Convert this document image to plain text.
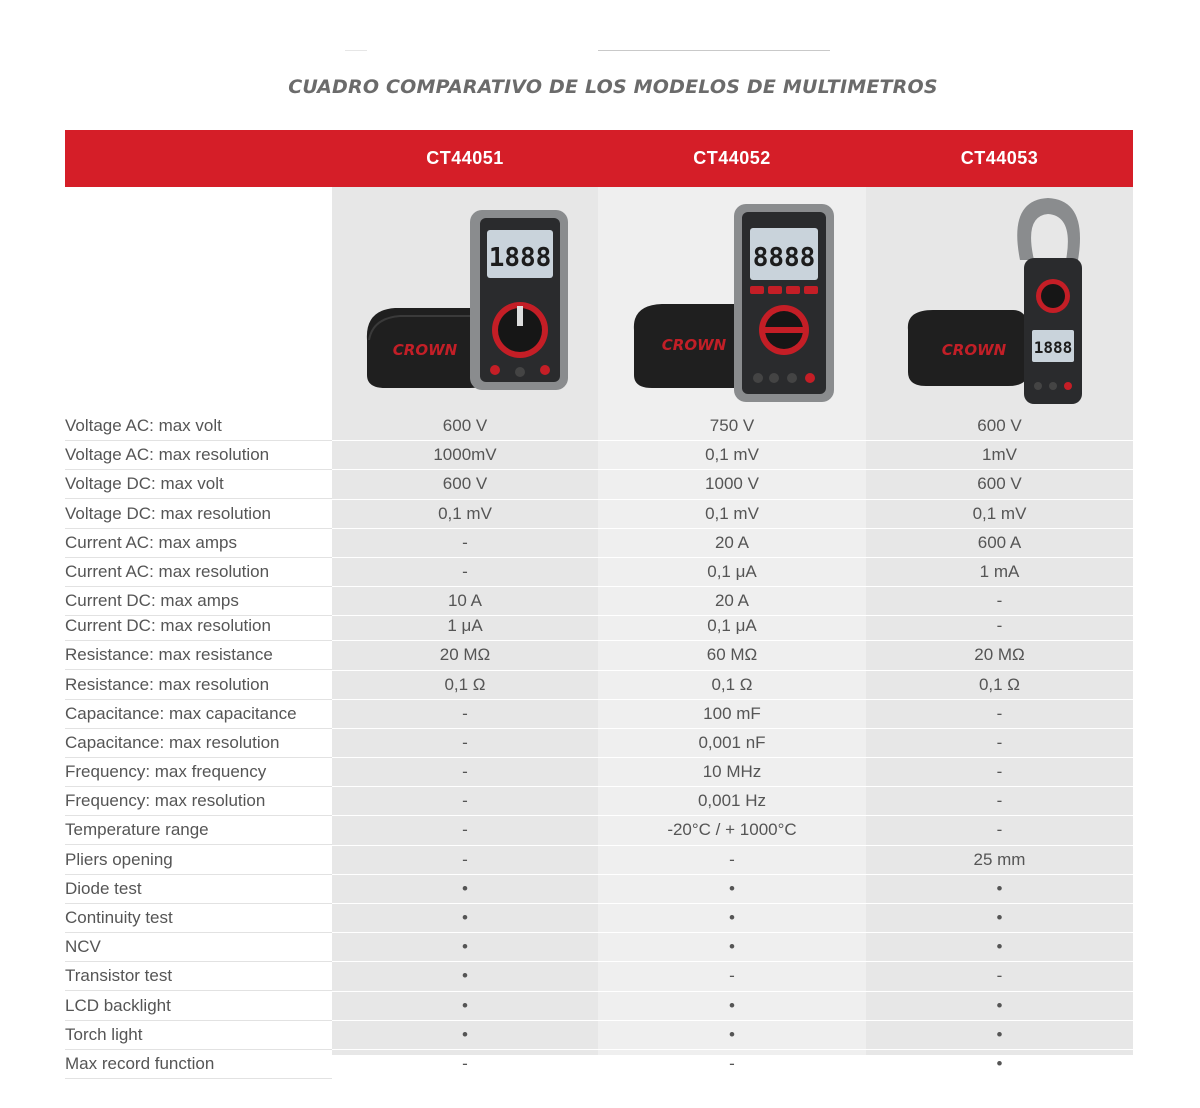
CUADRO COMPARATIVO DE LOS MODELOS DE MULTIMETROS
CT44051	CT44052	CT44053
CROWN
1888
CROWN
8888
CROWN 1888
Voltage AC: max volt	600 V	750 V	600 V
Voltage AC: max resolution	1000mV	0,1 mV	1mV
Voltage DC: max volt	600 V	1000 V	600 V
Voltage DC: max resolution	0,1 mV	0,1 mV	0,1 mV
Current AC: max amps	-	20 A	600 A
Current AC: max resolution	-	0,1 μA	1 mA
Current DC: max amps	10 A	20 A	-
Current DC: max resolution	1 μA	0,1 μA	-
Resistance: max resistance	20 MΩ	60 MΩ	20 MΩ
Resistance: max resolution	0,1 Ω	0,1 Ω	0,1 Ω
Capacitance: max capacitance	-	100 mF	-
Capacitance: max resolution	-	0,001 nF	-
Frequency: max frequency	-	10 MHz	-
Frequency: max resolution	-	0,001 Hz	-
Temperature range	-	-20°C / + 1000°C	-
Pliers opening	-	-	25 mm
Diode test	•	•	•
Continuity test	•	•	•
NCV	•	•	•
Transistor test	•	-	-
LCD backlight	•	•	•
Torch light	•	•	•
Max record function	-	-	•
